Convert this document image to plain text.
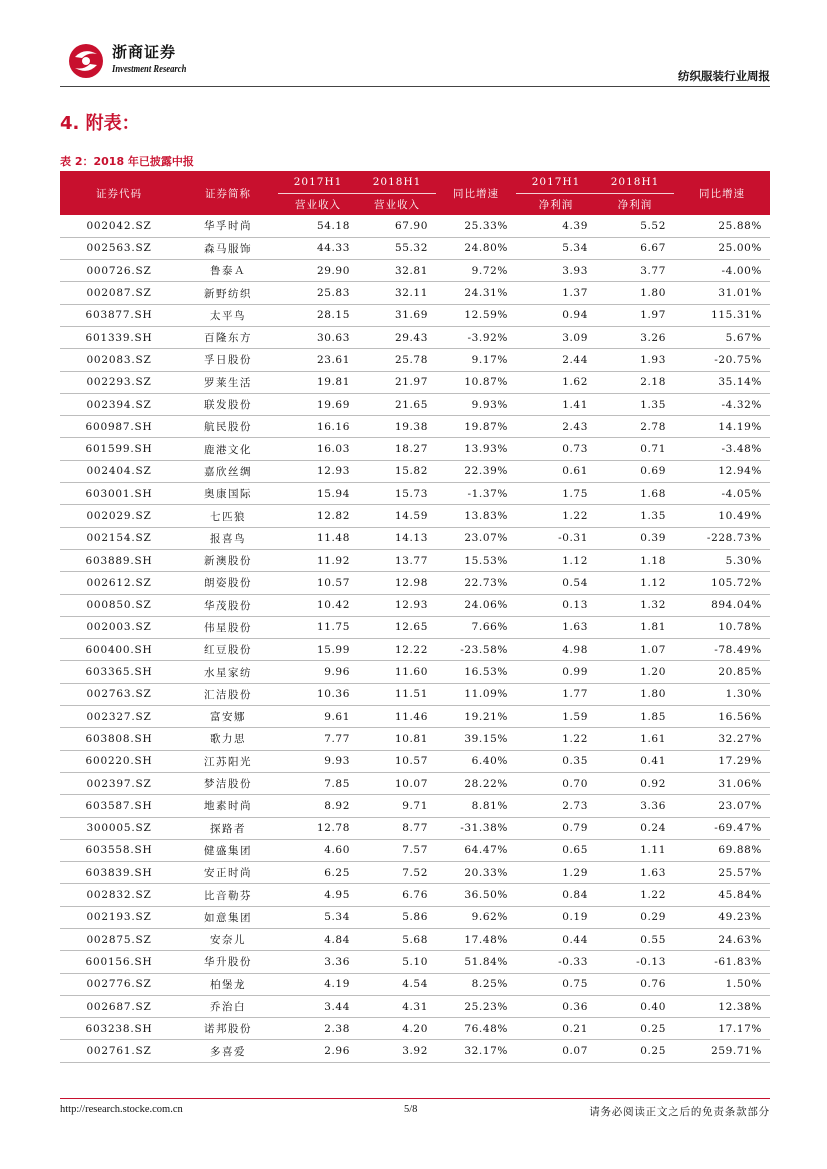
浙商证券
Investment Research	纺织服装行业周报
4. 附表：
表 2：2018 年已披露中报
证券代码	证券简称	2017H1	2018H1	同比增速	2017H1	2018H1	同比增速
		营业收入	营业收入		净利润	净利润	
002042.SZ	华孚时尚	54.18	67.90	25.33%	4.39	5.52	25.88%
002563.SZ	森马服饰	44.33	55.32	24.80%	5.34	6.67	25.00%
000726.SZ	鲁泰Ａ	29.90	32.81	9.72%	3.93	3.77	-4.00%
002087.SZ	新野纺织	25.83	32.11	24.31%	1.37	1.80	31.01%
603877.SH	太平鸟	28.15	31.69	12.59%	0.94	1.97	115.31%
601339.SH	百隆东方	30.63	29.43	-3.92%	3.09	3.26	5.67%
002083.SZ	孚日股份	23.61	25.78	9.17%	2.44	1.93	-20.75%
002293.SZ	罗莱生活	19.81	21.97	10.87%	1.62	2.18	35.14%
002394.SZ	联发股份	19.69	21.65	9.93%	1.41	1.35	-4.32%
600987.SH	航民股份	16.16	19.38	19.87%	2.43	2.78	14.19%
601599.SH	鹿港文化	16.03	18.27	13.93%	0.73	0.71	-3.48%
002404.SZ	嘉欣丝绸	12.93	15.82	22.39%	0.61	0.69	12.94%
603001.SH	奥康国际	15.94	15.73	-1.37%	1.75	1.68	-4.05%
002029.SZ	七匹狼	12.82	14.59	13.83%	1.22	1.35	10.49%
002154.SZ	报喜鸟	11.48	14.13	23.07%	-0.31	0.39	-228.73%
603889.SH	新澳股份	11.92	13.77	15.53%	1.12	1.18	5.30%
002612.SZ	朗姿股份	10.57	12.98	22.73%	0.54	1.12	105.72%
000850.SZ	华茂股份	10.42	12.93	24.06%	0.13	1.32	894.04%
002003.SZ	伟星股份	11.75	12.65	7.66%	1.63	1.81	10.78%
600400.SH	红豆股份	15.99	12.22	-23.58%	4.98	1.07	-78.49%
603365.SH	水星家纺	9.96	11.60	16.53%	0.99	1.20	20.85%
002763.SZ	汇洁股份	10.36	11.51	11.09%	1.77	1.80	1.30%
002327.SZ	富安娜	9.61	11.46	19.21%	1.59	1.85	16.56%
603808.SH	歌力思	7.77	10.81	39.15%	1.22	1.61	32.27%
600220.SH	江苏阳光	9.93	10.57	6.40%	0.35	0.41	17.29%
002397.SZ	梦洁股份	7.85	10.07	28.22%	0.70	0.92	31.06%
603587.SH	地素时尚	8.92	9.71	8.81%	2.73	3.36	23.07%
300005.SZ	探路者	12.78	8.77	-31.38%	0.79	0.24	-69.47%
603558.SH	健盛集团	4.60	7.57	64.47%	0.65	1.11	69.88%
603839.SH	安正时尚	6.25	7.52	20.33%	1.29	1.63	25.57%
002832.SZ	比音勒芬	4.95	6.76	36.50%	0.84	1.22	45.84%
002193.SZ	如意集团	5.34	5.86	9.62%	0.19	0.29	49.23%
002875.SZ	安奈儿	4.84	5.68	17.48%	0.44	0.55	24.63%
600156.SH	华升股份	3.36	5.10	51.84%	-0.33	-0.13	-61.83%
002776.SZ	柏堡龙	4.19	4.54	8.25%	0.75	0.76	1.50%
002687.SZ	乔治白	3.44	4.31	25.23%	0.36	0.40	12.38%
603238.SH	诺邦股份	2.38	4.20	76.48%	0.21	0.25	17.17%
002761.SZ	多喜爱	2.96	3.92	32.17%	0.07	0.25	259.71%
http://research.stocke.com.cn	5/8	请务必阅读正文之后的免责条款部分
